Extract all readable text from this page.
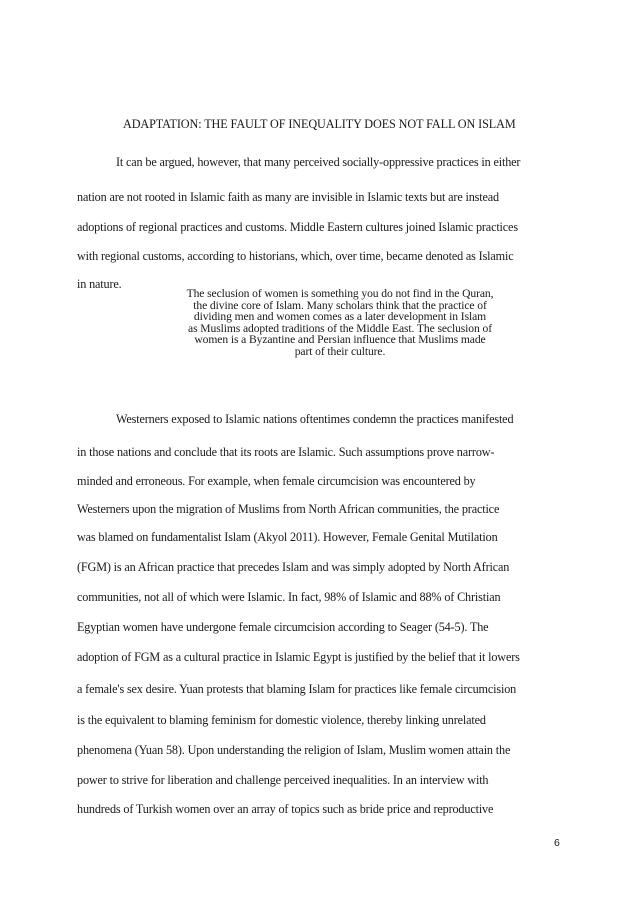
ADAPTATION: THE FAULT OF INEQUALITY DOES NOT FALL ON ISLAM
It can be argued, however, that many perceived socially-oppressive practices in either
nation are not rooted in Islamic faith as many are invisible in Islamic texts but are instead
adoptions of regional practices and customs. Middle Eastern cultures joined Islamic practices
with regional customs, according to historians, which, over time, became denoted as Islamic
in nature.
The seclusion of women is something you do not find in the Quran,
the divine core of Islam. Many scholars think that the practice of
dividing men and women comes as a later development in Islam
as Muslims adopted traditions of the Middle East. The seclusion of
women is a Byzantine and Persian influence that Muslims made
part of their culture.
Westerners exposed to Islamic nations oftentimes condemn the practices manifested
in those nations and conclude that its roots are Islamic. Such assumptions prove narrow-
minded and erroneous. For example, when female circumcision was encountered by
Westerners upon the migration of Muslims from North African communities, the practice
was blamed on fundamentalist Islam (Akyol 2011). However, Female Genital Mutilation
(FGM) is an African practice that precedes Islam and was simply adopted by North African
communities, not all of which were Islamic. In fact, 98% of Islamic and 88% of Christian
Egyptian women have undergone female circumcision according to Seager (54-5). The
adoption of FGM as a cultural practice in Islamic Egypt is justified by the belief that it lowers
a female's sex desire. Yuan protests that blaming Islam for practices like female circumcision
is the equivalent to blaming feminism for domestic violence, thereby linking unrelated
phenomena (Yuan 58). Upon understanding the religion of Islam, Muslim women attain the
power to strive for liberation and challenge perceived inequalities. In an interview with
hundreds of Turkish women over an array of topics such as bride price and reproductive
6
